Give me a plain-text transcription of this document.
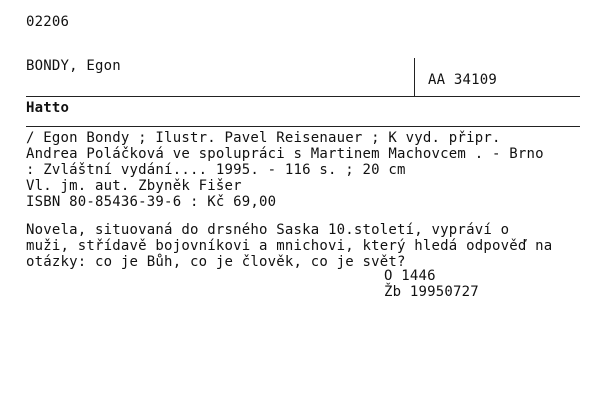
02206
BONDY, Egon
AA 34109
Hatto
/ Egon Bondy ; Ilustr. Pavel Reisenauer ; K vyd. připr.
Andrea Poláčková ve spolupráci s Martinem Machovcem . - Brno
: Zvláštní vydání.... 1995. - 116 s. ; 20 cm
Vl. jm. aut. Zbyněk Fišer
ISBN 80-85436-39-6 : Kč 69,00
Novela, situovaná do drsného Saska 10.století, vypráví o
muži, střídavě bojovníkovi a mnichovi, který hledá odpověď na
otázky: co je Bůh, co je člověk, co je svět?
O 1446
Žb 19950727
